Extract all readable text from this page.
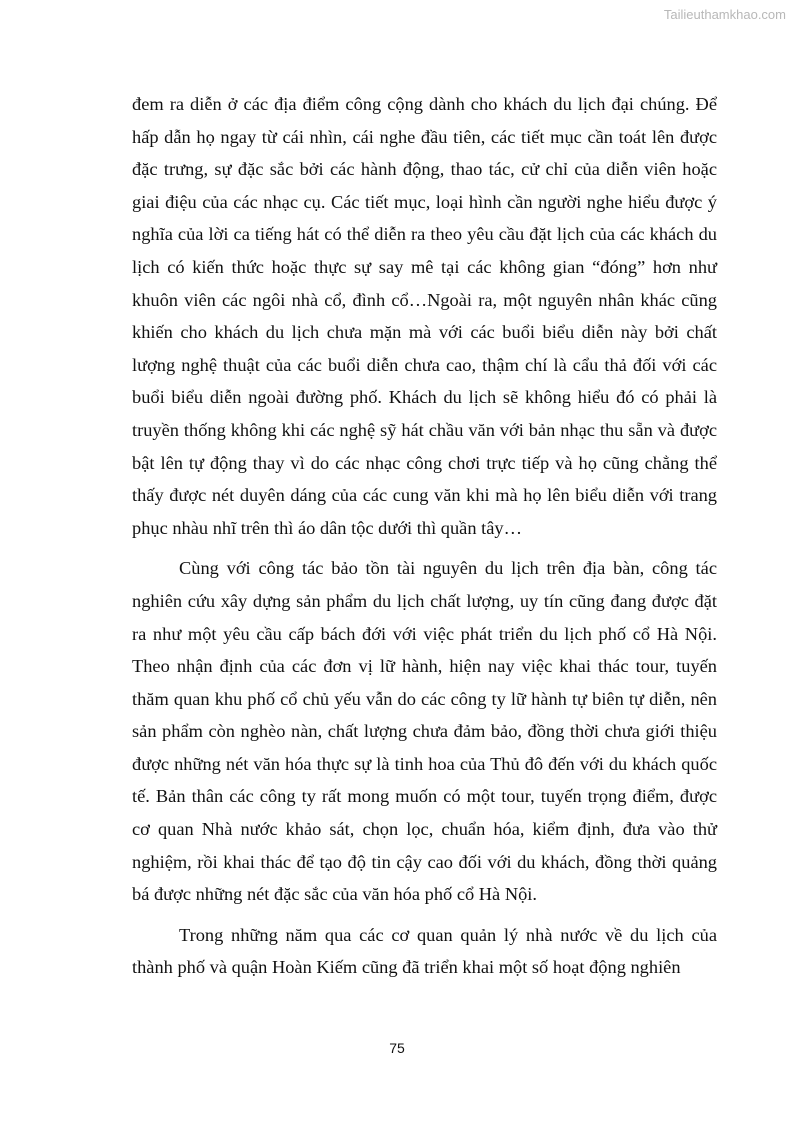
Tailieuthamkhao.com

đem ra diễn ở các địa điểm công cộng dành cho khách du lịch đại chúng. Để hấp dẫn họ ngay từ cái nhìn, cái nghe đầu tiên, các tiết mục cần toát lên được đặc trưng, sự đặc sắc bởi các hành động, thao tác, cử chỉ của diễn viên hoặc giai điệu của các nhạc cụ. Các tiết mục, loại hình cần người nghe hiểu được ý nghĩa của lời ca tiếng hát có thể diễn ra theo yêu cầu đặt lịch của các khách du lịch có kiến thức hoặc thực sự say mê tại các không gian “đóng” hơn như khuôn viên các ngôi nhà cổ, đình cổ…Ngoài ra, một nguyên nhân khác cũng khiến cho khách du lịch chưa mặn mà với các buổi biểu diễn này bởi chất lượng nghệ thuật của các buổi diễn chưa cao, thậm chí là cẩu thả đối với các buổi biểu diễn ngoài đường phố. Khách du lịch sẽ không hiểu đó có phải là truyền thống không khi các nghệ sỹ hát chầu văn với bản nhạc thu sẵn và được bật lên tự động thay vì do các nhạc công chơi trực tiếp và họ cũng chẳng thể thấy được nét duyên dáng của các cung văn khi mà họ lên biểu diễn với trang phục nhàu nhĩ trên thì áo dân tộc dưới thì quần tây…

Cùng với công tác bảo tồn tài nguyên du lịch trên địa bàn, công tác nghiên cứu xây dựng sản phẩm du lịch chất lượng, uy tín cũng đang được đặt ra như một yêu cầu cấp bách đới với việc phát triển du lịch phố cổ Hà Nội. Theo nhận định của các đơn vị lữ hành, hiện nay việc khai thác tour, tuyến thăm quan khu phố cổ chủ yếu vẫn do các công ty lữ hành tự biên tự diễn, nên sản phẩm còn nghèo nàn, chất lượng chưa đảm bảo, đồng thời chưa giới thiệu được những nét văn hóa thực sự là tinh hoa của Thủ đô đến với du khách quốc tế. Bản thân các công ty rất mong muốn có một tour, tuyến trọng điểm, được cơ quan Nhà nước khảo sát, chọn lọc, chuẩn hóa, kiểm định, đưa vào thử nghiệm, rồi khai thác để tạo độ tin cậy cao đối với du khách, đồng thời quảng bá được những nét đặc sắc của văn hóa phố cổ Hà Nội.

Trong những năm qua các cơ quan quản lý nhà nước về du lịch của thành phố và quận Hoàn Kiếm cũng đã triển khai một số hoạt động nghiên

75
